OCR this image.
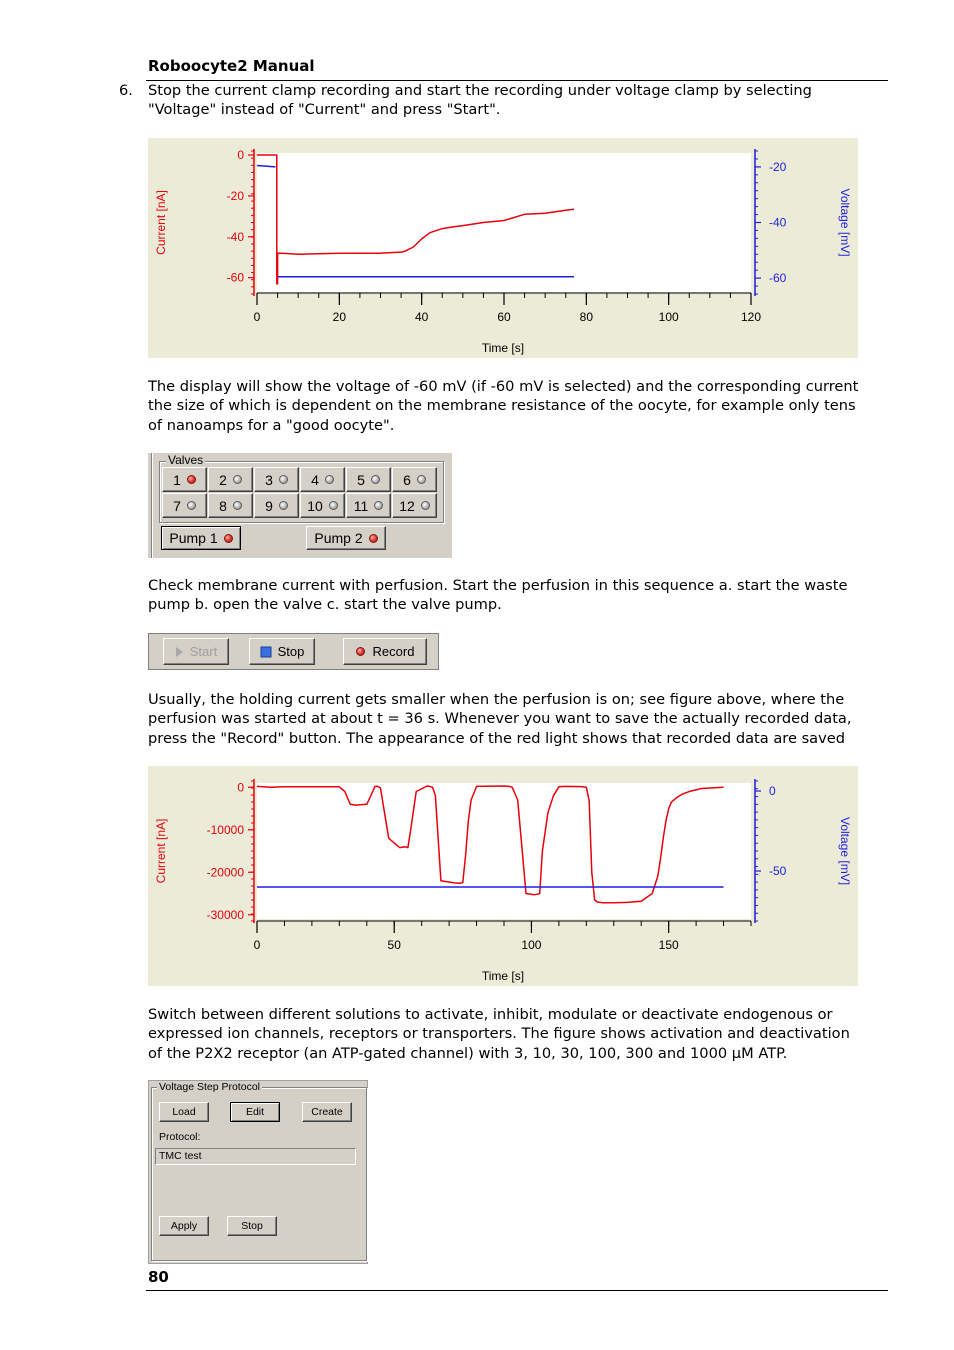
Roboocyte2 Manual
6. Stop the current clamp recording and start the recording under voltage clamp by selecting
"Voltage" instead of "Current" and press "Start".
0
-20
-40
-60
Current [nA]
-20
-40
-60
Voltage [mV]
0	20	40	60	80	100	120
Time [s]
The display will show the voltage of -60 mV (if -60 mV is selected) and the corresponding current
the size of which is dependent on the membrane resistance of the oocyte, for example only tens
of nanoamps for a "good oocyte".
Valves
Pump 1	Pump 2
1	2	3	4	5	6
7	8	9 10 11 12
Check membrane current with perfusion. Start the perfusion in this sequence a. start the waste
pump b. open the valve c. start the valve pump.
Start	Stop	Record
Usually, the holding current gets smaller when the perfusion is on; see figure above, where the
perfusion was started at about t = 36 s. Whenever you want to save the actually recorded data,
press the "Record" button. The appearance of the red light shows that recorded data are saved
0
-10000
-20000
-30000
Current [nA]
0
-50	Voltage [mV]
0	50	100	150
Time [s]
Switch between different solutions to activate, inhibit, modulate or deactivate endogenous or
expressed ion channels, receptors or transporters. The figure shows activation and deactivation
of the P2X2 receptor (an ATP-gated channel) with 3, 10, 30, 100, 300 and 1000 µM ATP.
Voltage Step Protocol
Load	Edit	Create
Protocol:
TMC test
Apply	Stop
80
